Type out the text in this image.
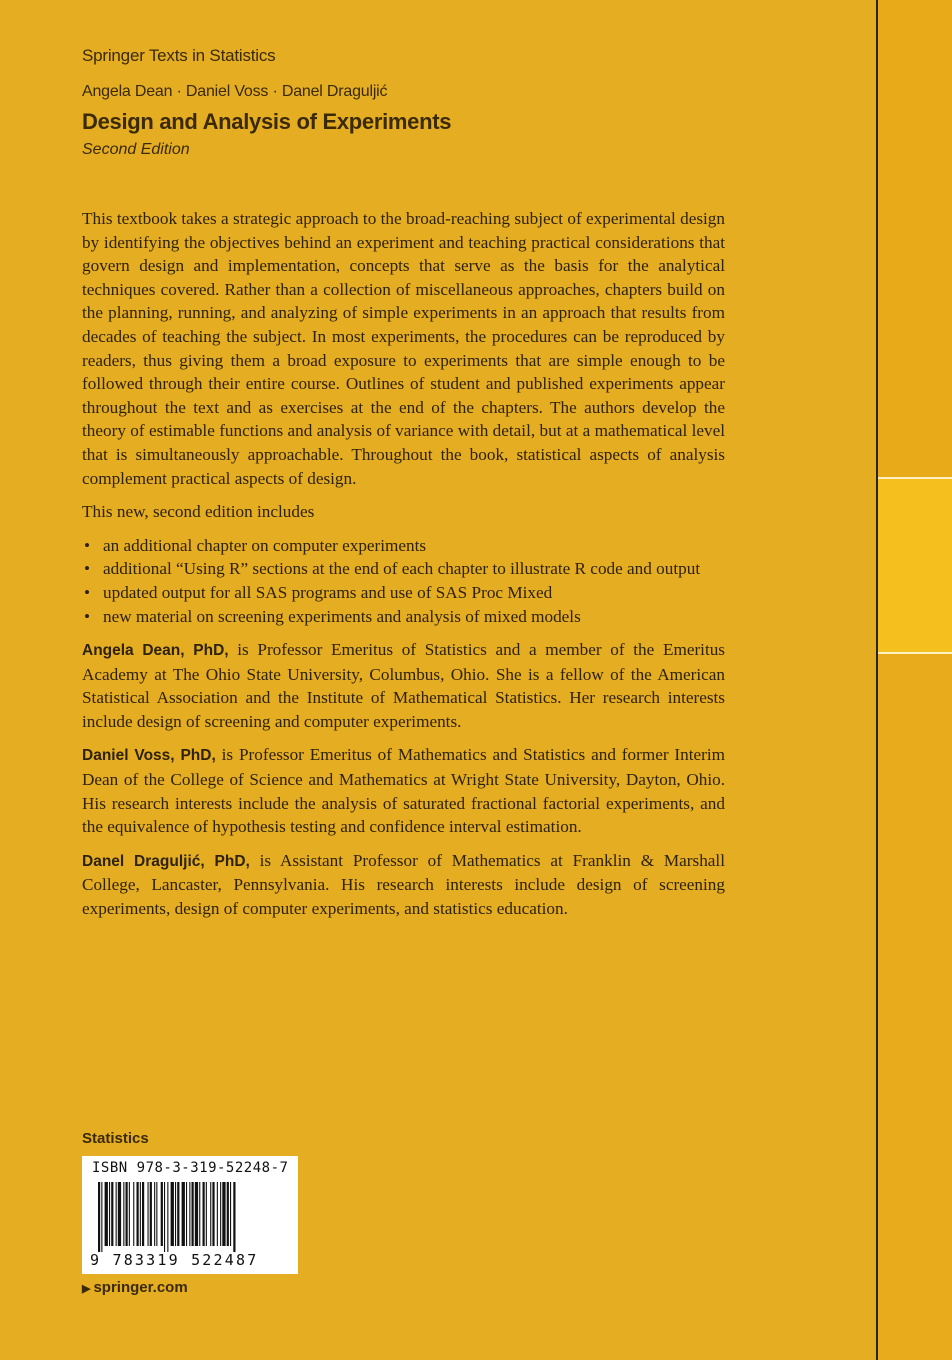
Springer Texts in Statistics
Angela Dean · Daniel Voss · Danel Draguljić
Design and Analysis of Experiments
Second Edition

This textbook takes a strategic approach to the broad-reaching subject of experimental design by identifying the objectives behind an experiment and teaching practical considerations that govern design and implementation, concepts that serve as the basis for the analytical techniques covered. Rather than a collection of miscellaneous approaches, chapters build on the planning, running, and analyzing of simple experiments in an approach that results from decades of teaching the subject. In most experiments, the procedures can be reproduced by readers, thus giving them a broad exposure to experiments that are simple enough to be followed through their entire course. Outlines of student and published experiments appear throughout the text and as exercises at the end of the chapters. The authors develop the theory of estimable functions and analysis of variance with detail, but at a mathematical level that is simultaneously approachable. Throughout the book, statistical aspects of analysis complement practical aspects of design.

This new, second edition includes

• an additional chapter on computer experiments
• additional “Using R” sections at the end of each chapter to illustrate R code and output
• updated output for all SAS programs and use of SAS Proc Mixed
• new material on screening experiments and analysis of mixed models

Angela Dean, PhD, is Professor Emeritus of Statistics and a member of the Emeritus Academy at The Ohio State University, Columbus, Ohio. She is a fellow of the American Statistical Association and the Institute of Mathematical Statistics. Her research interests include design of screening and computer experiments.

Daniel Voss, PhD, is Professor Emeritus of Mathematics and Statistics and former Interim Dean of the College of Science and Mathematics at Wright State University, Dayton, Ohio. His research interests include the analysis of saturated fractional factorial experiments, and the equivalence of hypothesis testing and confidence interval estimation.

Danel Draguljić, PhD, is Assistant Professor of Mathematics at Franklin & Marshall College, Lancaster, Pennsylvania. His research interests include design of screening experiments, design of computer experiments, and statistics education.

Statistics
ISBN 978-3-319-52248-7
9 783319 522487
▶ springer.com
